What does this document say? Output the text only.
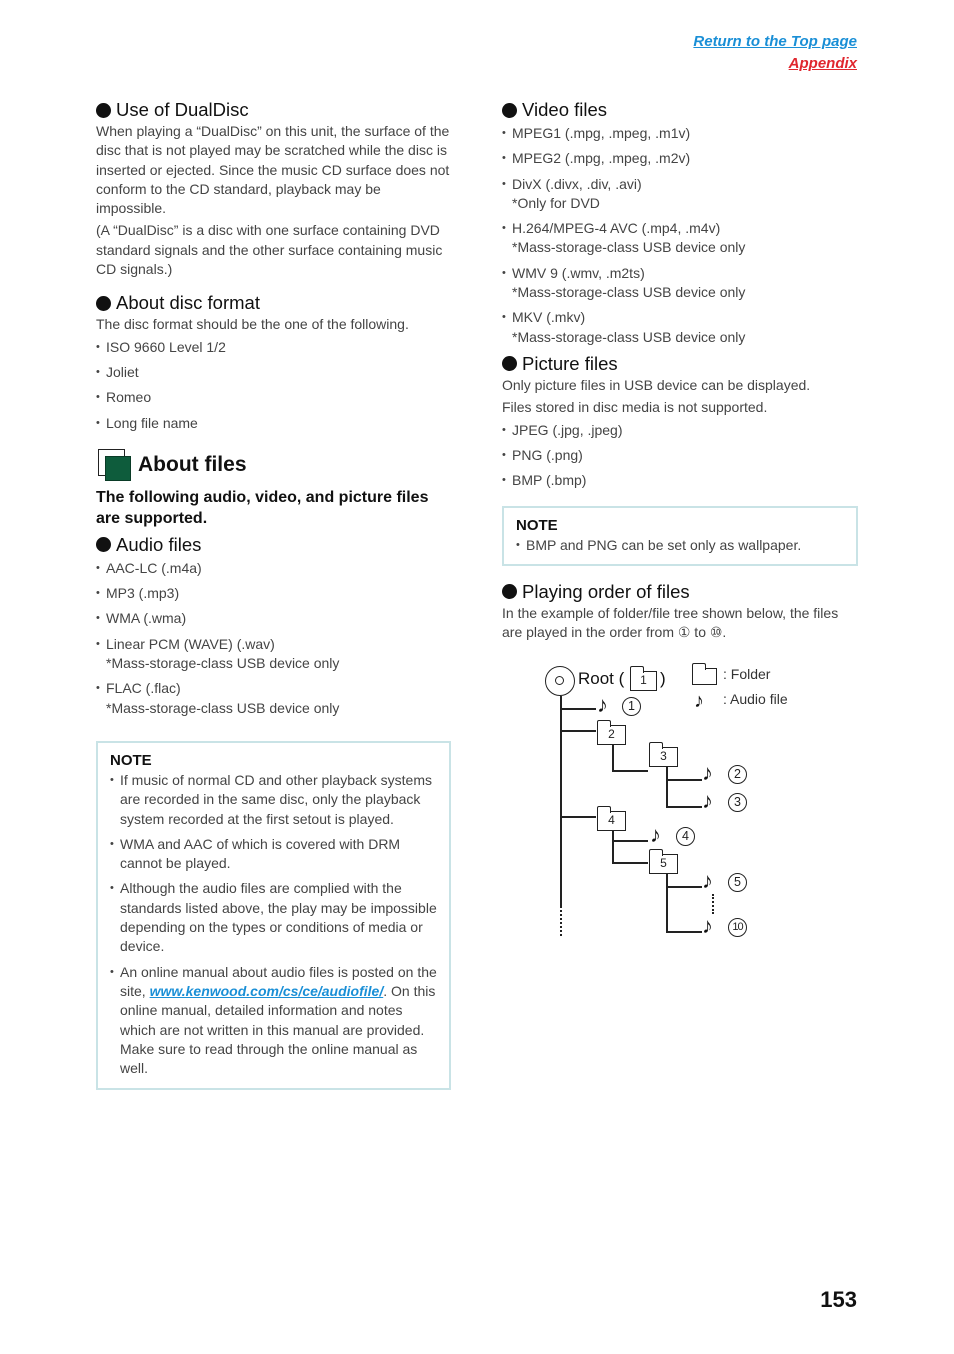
Return to the Top page
Appendix
Use of DualDisc

When playing a “DualDisc” on this unit, the surface of the disc that is not played may be scratched while the disc is inserted or ejected. Since the music CD surface does not conform to the CD standard, playback may be impossible.

(A “DualDisc” is a disc with one surface containing DVD standard signals and the other surface containing music CD signals.)

About disc format

The disc format should be the one of the following.

• ISO 9660 Level 1/2
• Joliet
• Romeo
• Long file name
About files

The following audio, video, and picture files are supported.

Audio files
• AAC-LC (.m4a)
• MP3 (.mp3)
• WMA (.wma)
• Linear PCM (WAVE) (.wav)
*Mass-storage-class USB device only
• FLAC (.flac)
*Mass-storage-class USB device only
NOTE
• If music of normal CD and other playback systems are recorded in the same disc, only the playback system recorded at the first setout is played.
• WMA and AAC of which is covered with DRM cannot be played.
• Although the audio files are complied with the standards listed above, the play may be impossible depending on the types or conditions of media or device.
• An online manual about audio files is posted on the site, www.kenwood.com/cs/ce/audiofile/. On this online manual, detailed information and notes which are not written in this manual are provided. Make sure to read through the online manual as well.
Video files
• MPEG1 (.mpg, .mpeg, .m1v)
• MPEG2 (.mpg, .mpeg, .m2v)
• DivX (.divx, .div, .avi)
*Only for DVD
• H.264/MPEG-4 AVC (.mp4, .m4v)
*Mass-storage-class USB device only
• WMV 9 (.wmv, .m2ts)
*Mass-storage-class USB device only
• MKV (.mkv)
*Mass-storage-class USB device only
Picture files

Only picture files in USB device can be displayed.

Files stored in disc media is not supported.

• JPEG (.jpg, .jpeg)
• PNG (.png)
• BMP (.bmp)
NOTE
• BMP and PNG can be set only as wallpaper.
Playing order of files

In the example of folder/file tree shown below, the files are played in the order from ① to ⑩.

Root (	1 )	: Folder
♪ : Audio file
♪	1
2
3
♪	2
♪	3
4
♪	4
5
♪	5
♪	10
153
